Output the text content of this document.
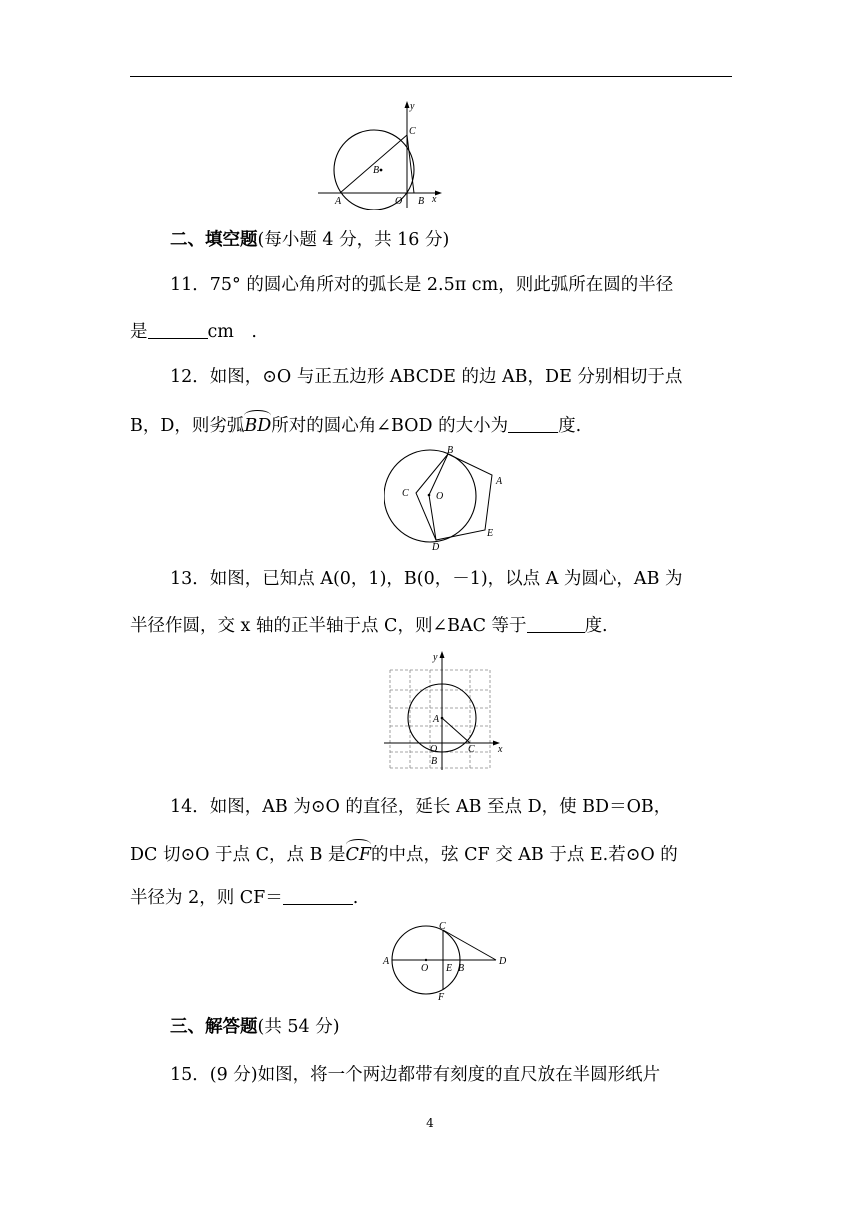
y
x
C
B
A	O B
二、填空题(每小题 4 分，共 16 分)
11．75° 的圆心角所对的弧长是 2.5π cm，则此弧所在圆的半径
是	cm　.
12．如图，⊙O 与正五边形 ABCDE 的边 AB，DE 分别相切于点
B，D，则劣弧BD所对的圆心角∠BOD 的大小为	度.
B
A
C	O
E
D
13．如图，已知点 A(0，1)，B(0，－1)，以点 A 为圆心，AB 为
半径作圆，交 x 轴的正半轴于点 C，则∠BAC 等于	度.
y
A
O	C x
B
14．如图，AB 为⊙O 的直径，延长 AB 至点 D，使 BD＝OB，
DC 切⊙O 于点 C，点 B 是CF的中点，弦 CF 交 AB 于点 E.若⊙O 的
半径为 2，则 CF＝	.
C
A
O E B
D
F
三、解答题(共 54 分)
15．(9 分)如图，将一个两边都带有刻度的直尺放在半圆形纸片
4
